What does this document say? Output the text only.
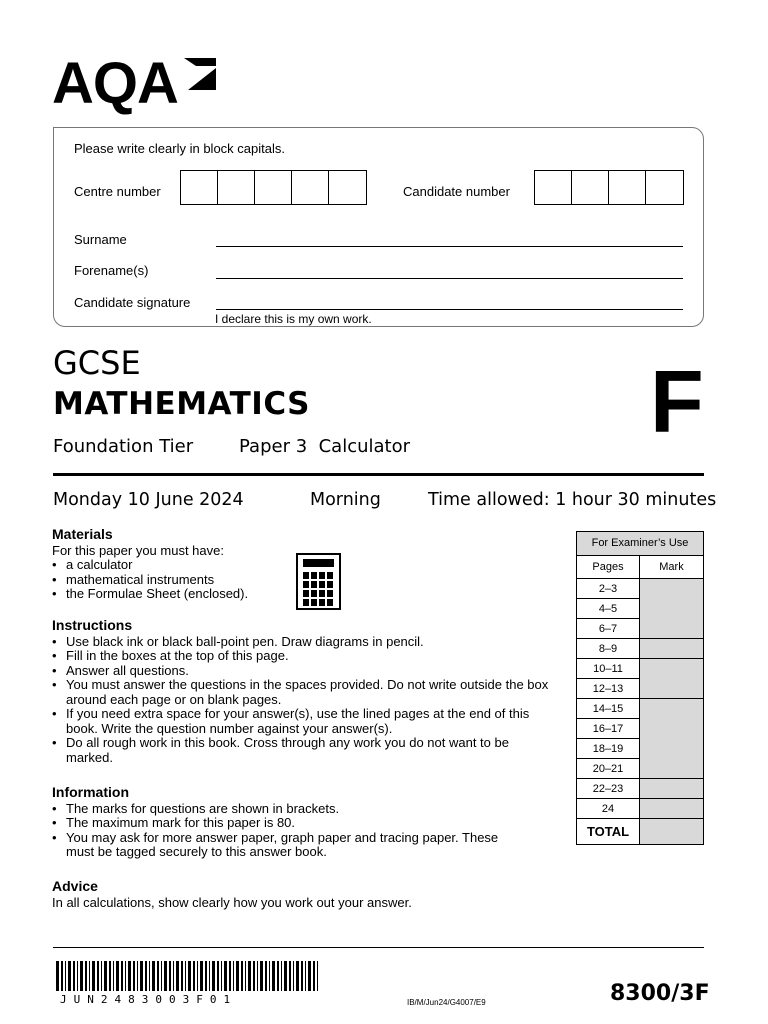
AQA
Please write clearly in block capitals.
Centre number	Candidate number
Surname
Forename(s)
Candidate signature
I declare this is my own work.
GCSE
MATHEMATICS
Foundation Tier	Paper 3  Calculator	F
Monday 10 June 2024	Morning	Time allowed: 1 hour 30 minutes
Materials
For this paper you must have:
• a calculator
• mathematical instruments
• the Formulae Sheet (enclosed).
Instructions
• Use black ink or black ball-point pen. Draw diagrams in pencil.
• Fill in the boxes at the top of this page.
• Answer all questions.
• You must answer the questions in the spaces provided. Do not write outside the box around each page or on blank pages.
• If you need extra space for your answer(s), use the lined pages at the end of this book. Write the question number against your answer(s).
• Do all rough work in this book. Cross through any work you do not want to be marked.
Information
• The marks for questions are shown in brackets.
• The maximum mark for this paper is 80.
• You may ask for more answer paper, graph paper and tracing paper. These must be tagged securely to this answer book.
Advice
In all calculations, show clearly how you work out your answer.
For Examiner’s Use
Pages	Mark
2–3
4–5
6–7
8–9
10–11
12–13
14–15
16–17
18–19
20–21
22–23
24
TOTAL
JUN2483003F01	IB/M/Jun24/G4007/E9	8300/3F
